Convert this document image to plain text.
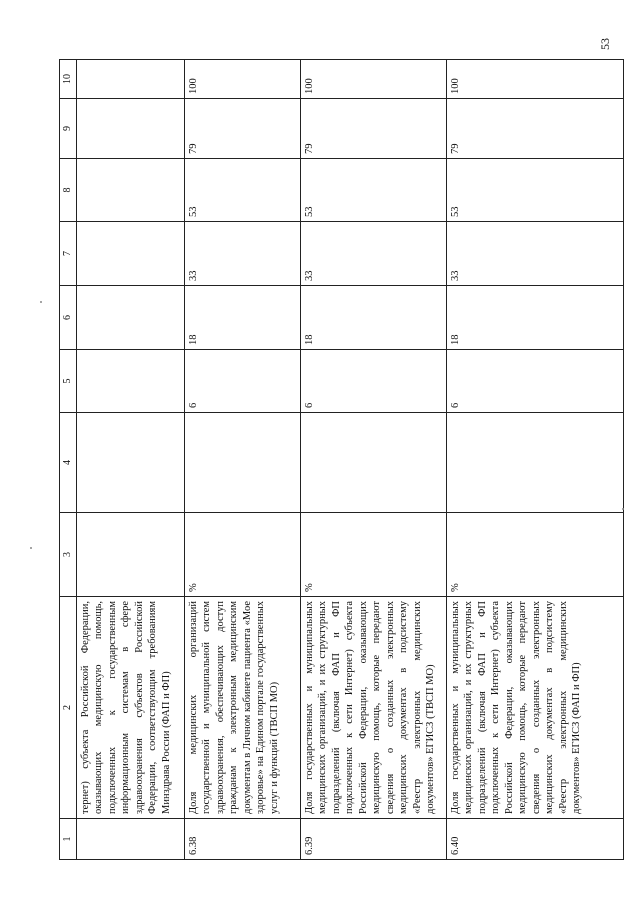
53
1	2	3	4	5	6	7	8	9	10
	тернет) субъекта Российской Федерации, оказывающих медицинскую помощь, подключенных к государственным информационным системам в сфере здравоохранения субъектов Российской Федерации, соответствующим требованиям Минздрава России (ФАП и ФП)								
6.38	Доля медицинских организаций государственной и муниципальной систем здравоохранения, обеспечивающих доступ гражданам к электронным медицинским документам в Личном кабинете пациента «Мое здоровье» на Едином портале государственных услуг и функций (ТВСП МО)	%		6	18	33	53	79	100
6.39	Доля государственных и муниципальных медицинских организаций, и их структурных подразделений (включая ФАП и ФП подключенных к сети Интернет) субъекта Российской Федерации, оказывающих медицинскую помощь, которые передают сведения о созданных электронных медицинских документах в подсистему «Реестр электронных медицинских документов» ЕГИСЗ (ТВСП МО)	%		6	18	33	53	79	100
6.40	Доля государственных и муниципальных медицинских организаций, и их структурных подразделений (включая ФАП и ФП подключенных к сети Интернет) субъекта Российской Федерации, оказывающих медицинскую помощь, которые передают сведения о созданных электронных медицинских документах в подсистему «Реестр электронных медицинских документов» ЕГИСЗ (ФАП и ФП)	%		6	18	33	53	79	100
